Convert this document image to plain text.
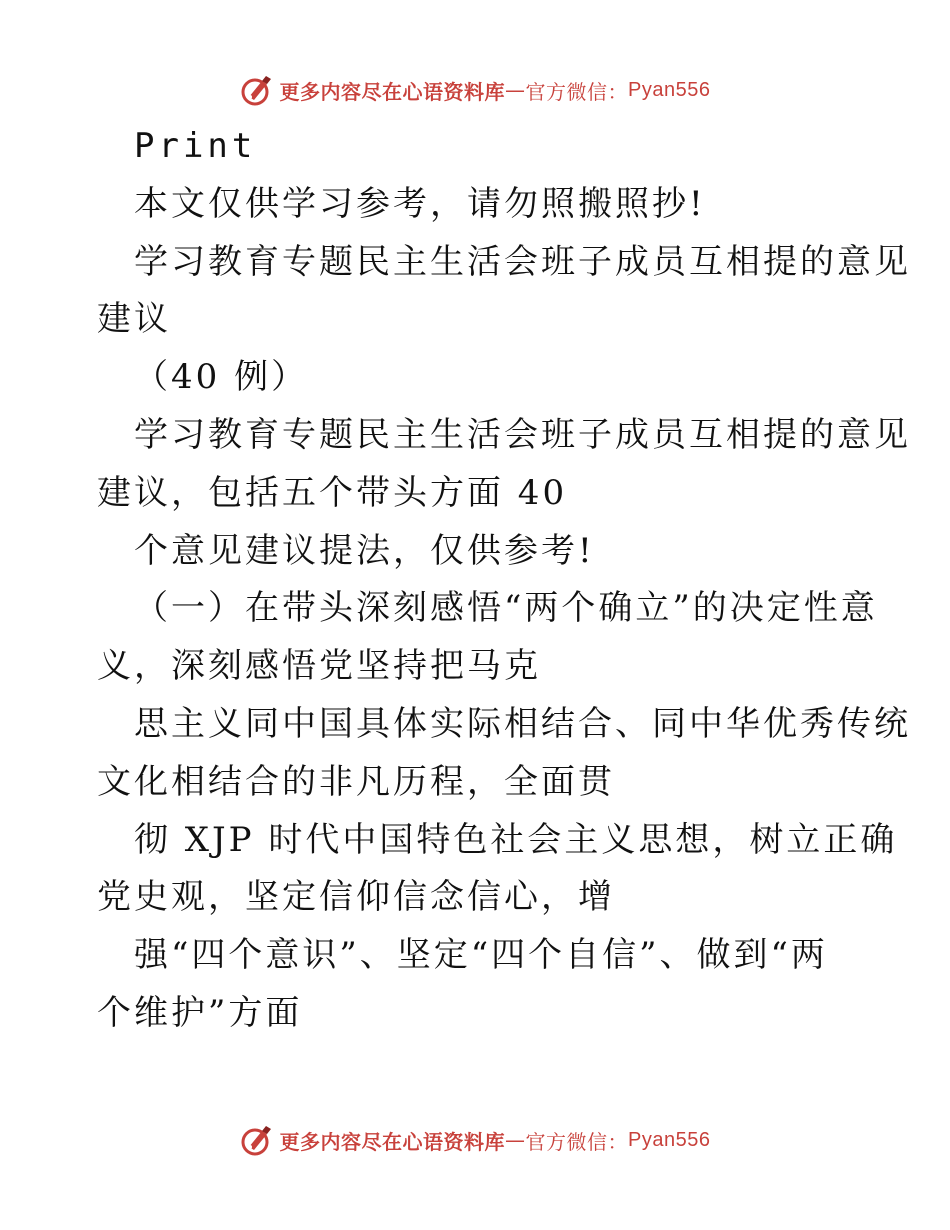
更多内容尽在心语资料库 — 官方微信： Pyan556
Print
本文仅供学习参考，请勿照搬照抄!
学习教育专题民主生活会班子成员互相提的意见
建议
（40 例）
学习教育专题民主生活会班子成员互相提的意见
建议，包括五个带头方面 40
个意见建议提法，仅供参考!
（一）在带头深刻感悟“两个确立”的决定性意
义，深刻感悟党坚持把马克
思主义同中国具体实际相结合、同中华优秀传统
文化相结合的非凡历程，全面贯
彻 XJP 时代中国特色社会主义思想，树立正确
党史观，坚定信仰信念信心，增
强“四个意识”、坚定“四个自信”、做到“两
个维护”方面
更多内容尽在心语资料库 — 官方微信： Pyan556
